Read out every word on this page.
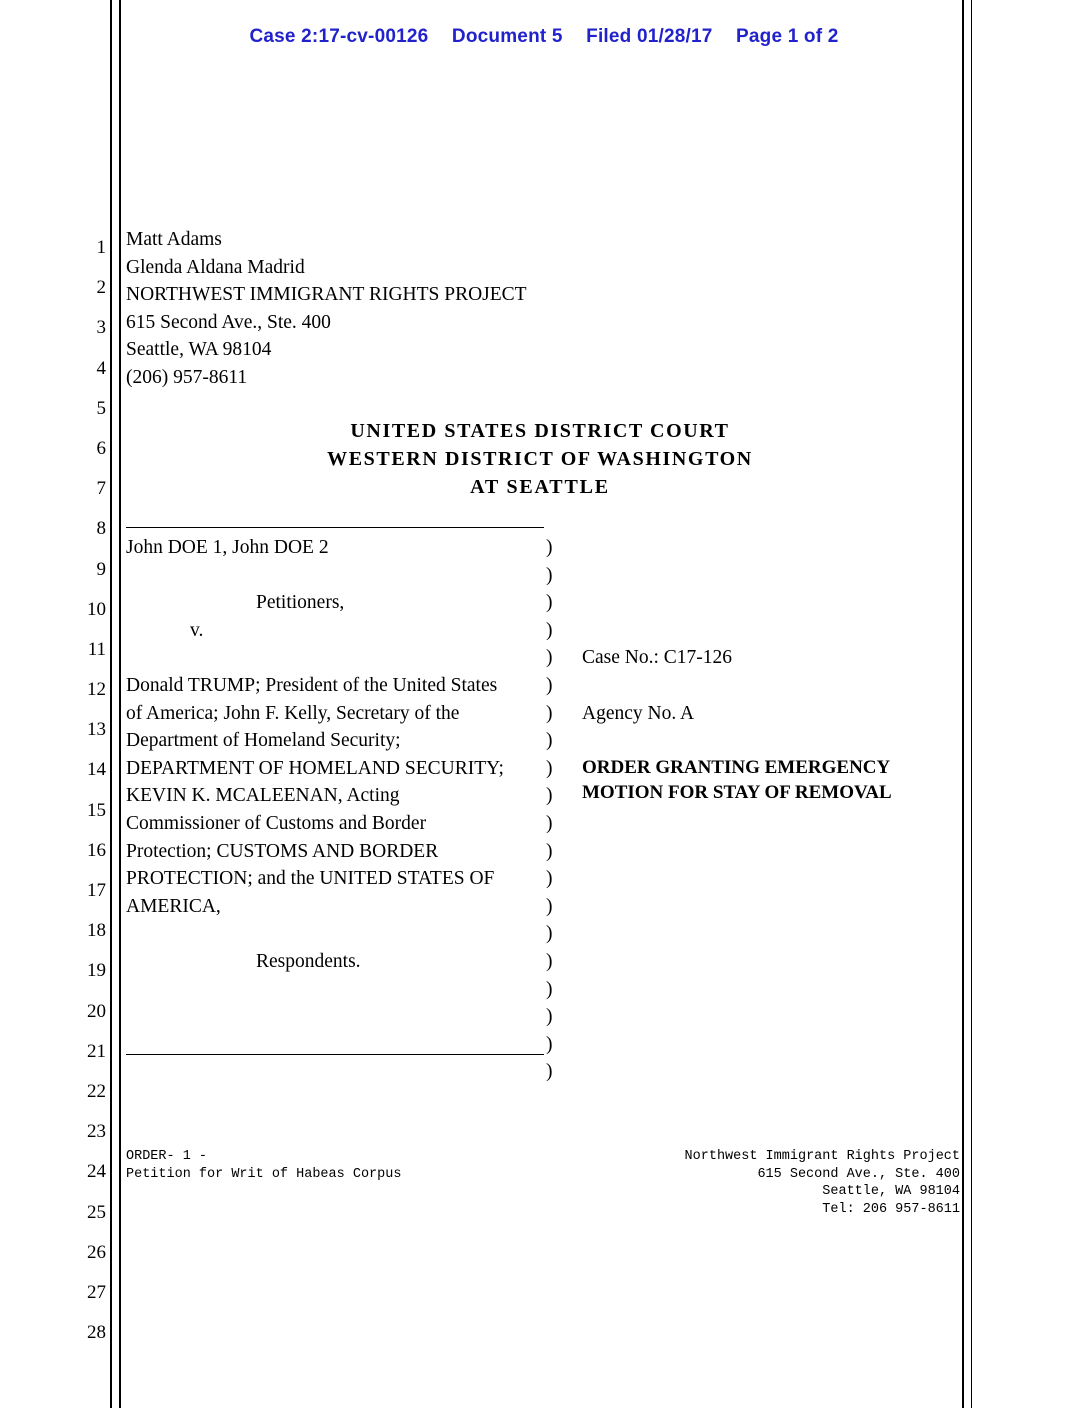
Case 2:17-cv-00126 Document 5 Filed 01/28/17 Page 1 of 2
1
2
3
4
5
6
7
8
9
10
11
12
13
14
15
16
17
18
19
20
21
22
23
24
25
26
27
28
Matt Adams
Glenda Aldana Madrid
NORTHWEST IMMIGRANT RIGHTS PROJECT
615 Second Ave., Ste. 400
Seattle, WA 98104
(206) 957-8611
UNITED STATES DISTRICT COURT
WESTERN DISTRICT OF WASHINGTON
AT SEATTLE
John DOE 1, John DOE 2

Petitioners,
v.

Donald TRUMP; President of the United States
of America; John F. Kelly, Secretary of the
Department of Homeland Security;
DEPARTMENT OF HOMELAND SECURITY;
KEVIN K. MCALEENAN, Acting
Commissioner of Customs and Border
Protection; CUSTOMS AND BORDER
PROTECTION; and the UNITED STATES OF
AMERICA,

Respondents.
)
)
)
)
)
)
)
)
)
)
)
)
)
)
)
)
)
)
)
)
Case No.: C17-126
Agency No. A
ORDER GRANTING EMERGENCY
MOTION FOR STAY OF REMOVAL
ORDER- 1 -
Petition for Writ of Habeas Corpus
Northwest Immigrant Rights Project
615 Second Ave., Ste. 400
Seattle, WA 98104
Tel: 206 957-8611
